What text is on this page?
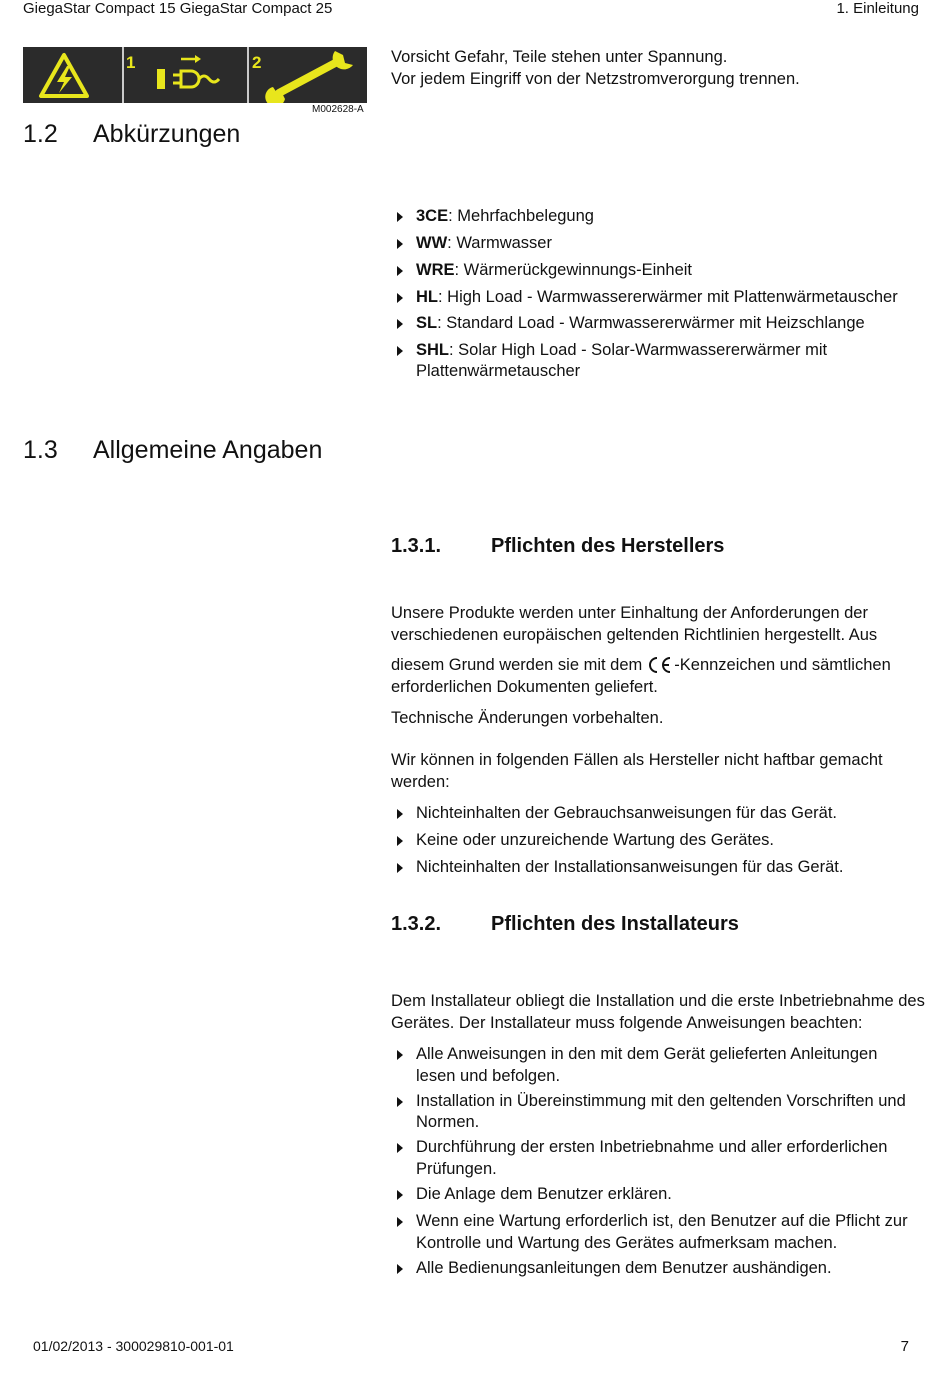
GiegaStar Compact 15 GiegaStar Compact 25	1. Einleitung
1	2
M002628-A
Vorsicht Gefahr, Teile stehen unter Spannung.
Vor jedem Eingriff von der Netzstromverorgung trennen.
1.2 Abkürzungen
3CE: Mehrfachbelegung
WW: Warmwasser
WRE: Wärmerückgewinnungs-Einheit
HL: High Load - Warmwassererwärmer mit Plattenwärmetauscher
SL: Standard Load - Warmwassererwärmer mit Heizschlange
SHL: Solar High Load - Solar-Warmwassererwärmer mit Plattenwärmetauscher
1.3 Allgemeine Angaben
1.3.1. Pflichten des Herstellers
Unsere Produkte werden unter Einhaltung der Anforderungen der verschiedenen europäischen geltenden Richtlinien hergestellt. Aus
diesem Grund werden sie mit dem -Kennzeichen und sämtlichen erforderlichen Dokumenten geliefert.
Technische Änderungen vorbehalten.
Wir können in folgenden Fällen als Hersteller nicht haftbar gemacht werden:
Nichteinhalten der Gebrauchsanweisungen für das Gerät.
Keine oder unzureichende Wartung des Gerätes.
Nichteinhalten der Installationsanweisungen für das Gerät.
1.3.2. Pflichten des Installateurs
Dem Installateur obliegt die Installation und die erste Inbetriebnahme des Gerätes. Der Installateur muss folgende Anweisungen beachten:
Alle Anweisungen in den mit dem Gerät gelieferten Anleitungen lesen und befolgen.
Installation in Übereinstimmung mit den geltenden Vorschriften und Normen.
Durchführung der ersten Inbetriebnahme und aller erforderlichen Prüfungen.
Die Anlage dem Benutzer erklären.
Wenn eine Wartung erforderlich ist, den Benutzer auf die Pflicht zur Kontrolle und Wartung des Gerätes aufmerksam machen.
Alle Bedienungsanleitungen dem Benutzer aushändigen.
01/02/2013 - 300029810-001-01	7
